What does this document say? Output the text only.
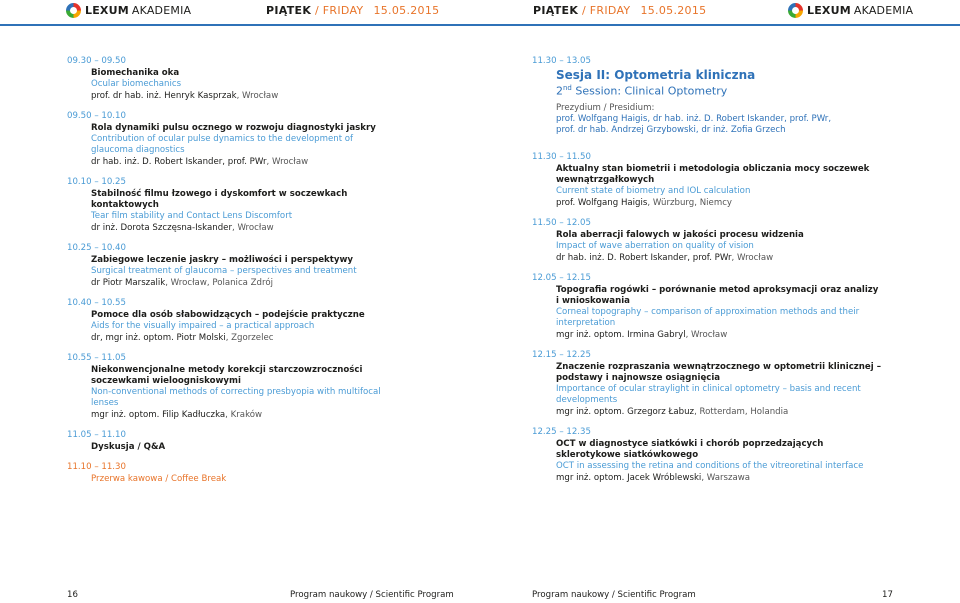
LEXUM AKADEMIA	PIĄTEK / FRIDAY 15.05.2015	PIĄTEK / FRIDAY 15.05.2015	LEXUM AKADEMIA
09.30 – 09.50
Biomechanika oka
Ocular biomechanics
prof. dr hab. inż. Henryk Kasprzak, Wrocław
09.50 – 10.10
Rola dynamiki pulsu ocznego w rozwoju diagnostyki jaskry
Contribution of ocular pulse dynamics to the development of glaucoma diagnostics
dr hab. inż. D. Robert Iskander, prof. PWr, Wrocław
10.10 – 10.25
Stabilność filmu łzowego i dyskomfort w soczewkach kontaktowych
Tear film stability and Contact Lens Discomfort
dr inż. Dorota Szczęsna-Iskander, Wrocław
10.25 – 10.40
Zabiegowe leczenie jaskry – możliwości i perspektywy
Surgical treatment of glaucoma – perspectives and treatment
dr Piotr Marszalik, Wrocław, Polanica Zdrój
10.40 – 10.55
Pomoce dla osób słabowidzących – podejście praktyczne
Aids for the visually impaired – a practical approach
dr, mgr inż. optom. Piotr Molski, Zgorzelec
10.55 – 11.05
Niekonwencjonalne metody korekcji starczowzroczności soczewkami wieloogniskowymi
Non-conventional methods of correcting presbyopia with multifocal lenses
mgr inż. optom. Filip Kadłuczka, Kraków
11.05 – 11.10
Dyskusja / Q&A
11.10 – 11.30
Przerwa kawowa / Coffee Break
11.30 – 13.05
Sesja II: Optometria kliniczna
2nd Session: Clinical Optometry
Prezydium / Presidium:
prof. Wolfgang Haigis, dr hab. inż. D. Robert Iskander, prof. PWr,
prof. dr hab. Andrzej Grzybowski, dr inż. Zofia Grzech
11.30 – 11.50
Aktualny stan biometrii i metodologia obliczania mocy soczewek wewnątrzgałkowych
Current state of biometry and IOL calculation
prof. Wolfgang Haigis, Würzburg, Niemcy
11.50 – 12.05
Rola aberracji falowych w jakości procesu widzenia
Impact of wave aberration on quality of vision
dr hab. inż. D. Robert Iskander, prof. PWr, Wrocław
12.05 – 12.15
Topografia rogówki – porównanie metod aproksymacji oraz analizy i wnioskowania
Corneal topography – comparison of approximation methods and their interpretation
mgr inż. optom. Irmina Gabryl, Wrocław
12.15 – 12.25
Znaczenie rozpraszania wewnątrzocznego w optometrii klinicznej – podstawy i najnowsze osiągnięcia
Importance of ocular straylight in clinical optometry – basis and recent developments
mgr inż. optom. Grzegorz Łabuz, Rotterdam, Holandia
12.25 – 12.35
OCT w diagnostyce siatkówki i chorób poprzedzających sklerotykowe siatkówkowego
OCT in assessing the retina and conditions of the vitreoretinal interface
mgr inż. optom. Jacek Wróblewski, Warszawa
16	Program naukowy / Scientific Program	Program naukowy / Scientific Program	17
